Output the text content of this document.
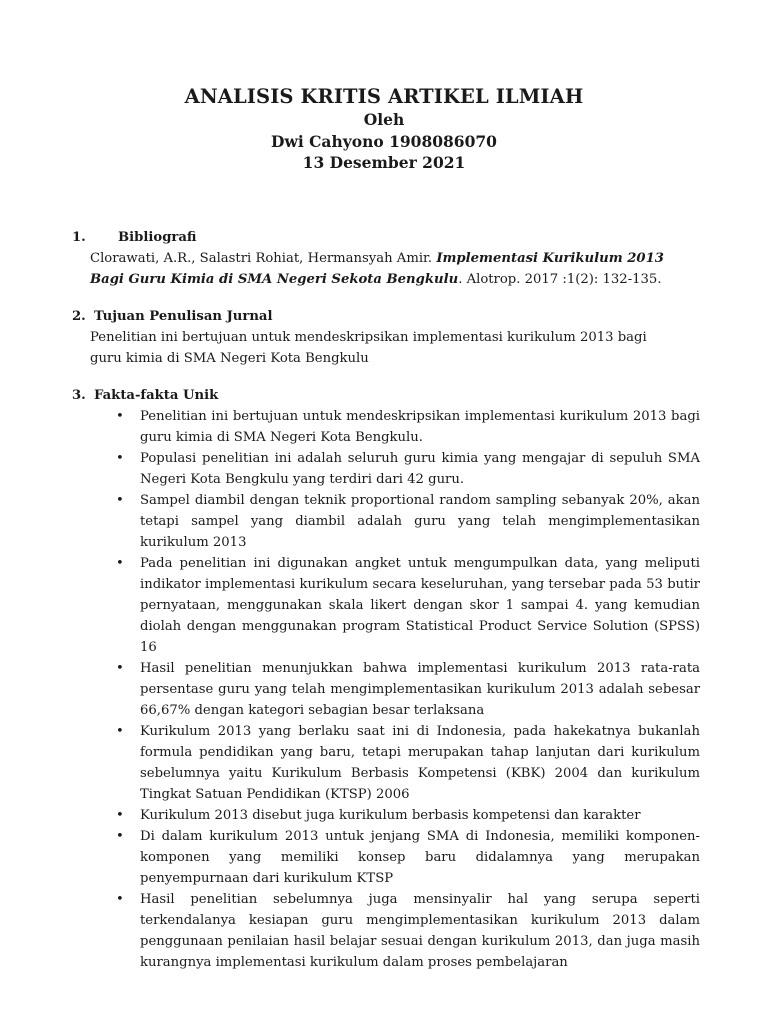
ANALISIS KRITIS ARTIKEL ILMIAH
Oleh
Dwi Cahyono 1908086070
13 Desember 2021
1.	Bibliografi
Clorawati, A.R., Salastri Rohiat, Hermansyah Amir. Implementasi Kurikulum 2013 Bagi Guru Kimia di SMA Negeri Sekota Bengkulu. Alotrop. 2017 :1(2): 132-135.
2. Tujuan Penulisan Jurnal
Penelitian ini bertujuan untuk mendeskripsikan implementasi kurikulum 2013 bagi guru kimia di SMA Negeri Kota Bengkulu
3. Fakta-fakta Unik
• Penelitian ini bertujuan untuk mendeskripsikan implementasi kurikulum 2013 bagi guru kimia di SMA Negeri Kota Bengkulu.
• Populasi penelitian ini adalah seluruh guru kimia yang mengajar di sepuluh SMA Negeri Kota Bengkulu yang terdiri dari 42 guru.
• Sampel diambil dengan teknik proportional random sampling sebanyak 20%, akan tetapi sampel yang diambil adalah guru yang telah mengimplementasikan kurikulum 2013
• Pada penelitian ini digunakan angket untuk mengumpulkan data, yang meliputi indikator implementasi kurikulum secara keseluruhan, yang tersebar pada 53 butir pernyataan, menggunakan skala likert dengan skor 1 sampai 4. yang kemudian diolah dengan menggunakan program Statistical Product Service Solution (SPSS) 16
• Hasil penelitian menunjukkan bahwa implementasi kurikulum 2013 rata-rata persentase guru yang telah mengimplementasikan kurikulum 2013 adalah sebesar 66,67% dengan kategori sebagian besar terlaksana
• Kurikulum 2013 yang berlaku saat ini di Indonesia, pada hakekatnya bukanlah formula pendidikan yang baru, tetapi merupakan tahap lanjutan dari kurikulum sebelumnya yaitu Kurikulum Berbasis Kompetensi (KBK) 2004 dan kurikulum Tingkat Satuan Pendidikan (KTSP) 2006
• Kurikulum 2013 disebut juga kurikulum berbasis kompetensi dan karakter
• Di dalam kurikulum 2013 untuk jenjang SMA di Indonesia, memiliki komponen-komponen yang memiliki konsep baru didalamnya yang merupakan penyempurnaan dari kurikulum KTSP
• Hasil penelitian sebelumnya juga mensinyalir hal yang serupa seperti terkendalanya kesiapan guru mengimplementasikan kurikulum 2013 dalam penggunaan penilaian hasil belajar sesuai dengan kurikulum 2013, dan juga masih kurangnya implementasi kurikulum dalam proses pembelajaran
